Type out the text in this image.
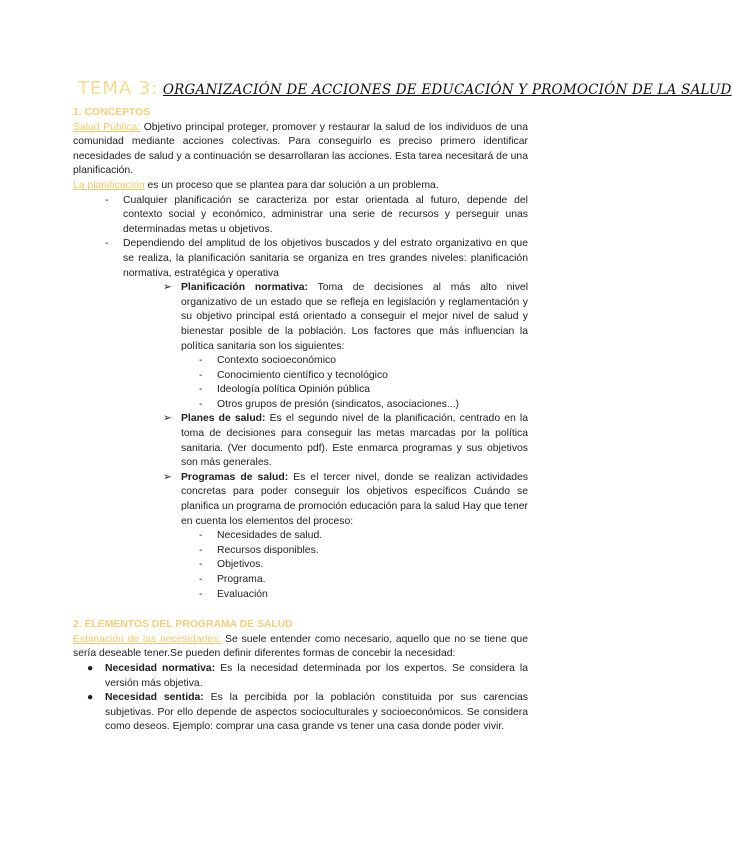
TEMA 3: ORGANIZACIÓN DE ACCIONES DE EDUCACIÓN Y PROMOCIÓN DE LA SALUD
1. CONCEPTOS

Salud Pública: Objetivo principal proteger, promover y restaurar la salud de los individuos de una comunidad mediante acciones colectivas. Para conseguirlo es preciso primero identificar necesidades de salud y a continuación se desarrollaran las acciones. Esta tarea necesitará de una planificación.

La planificación es un proceso que se plantea para dar solución a un problema.

- Cualquier planificación se caracteriza por estar orientada al futuro, depende del contexto social y económico, administrar una serie de recursos y perseguir unas determinadas metas u objetivos.
- Dependiendo del amplitud de los objetivos buscados y del estrato organizativo en que se realiza, la planificación sanitaria se organiza en tres grandes niveles: planificación normativa, estratégica y operativa
➢ Planificación normativa: Toma de decisiones al más alto nivel organizativo de un estado que se refleja en legislación y reglamentación y su objetivo principal está orientado a conseguir el mejor nivel de salud y bienestar posible de la población. Los factores que más influencian la política sanitaria son los siguientes:
- Contexto socioeconómico
- Conocimiento científico y tecnológico
- Ideología política Opinión pública
- Otros grupos de presión (sindicatos, asociaciones...)
➢ Planes de salud: Es el segundo nivel de la planificación, centrado en la toma de decisiones para conseguir las metas marcadas por la política sanitaria. (Ver documento pdf). Este enmarca programas y sus objetivos son más generales.
➢ Programas de salud: Es el tercer nivel, donde se realizan actividades concretas para poder conseguir los objetivos específicos Cuándo se planifica un programa de promoción educación para la salud Hay que tener en cuenta los elementos del proceso:
- Necesidades de salud.
- Recursos disponibles.
- Objetivos.
- Programa.
- Evaluación
2. ELEMENTOS DEL PROGRAMA DE SALUD

Estimación de las necesidades: Se suele entender como necesario, aquello que no se tiene que sería deseable tener.Se pueden definir diferentes formas de concebir la necesidad:

● Necesidad normativa: Es la necesidad determinada por los expertos. Se considera la versión más objetiva.
● Necesidad sentida: Es la percibida por la población constituida por sus carencias subjetivas. Por ello depende de aspectos socioculturales y socioeconómicos. Se considera como deseos. Ejemplo: comprar una casa grande vs tener una casa donde poder vivir.
